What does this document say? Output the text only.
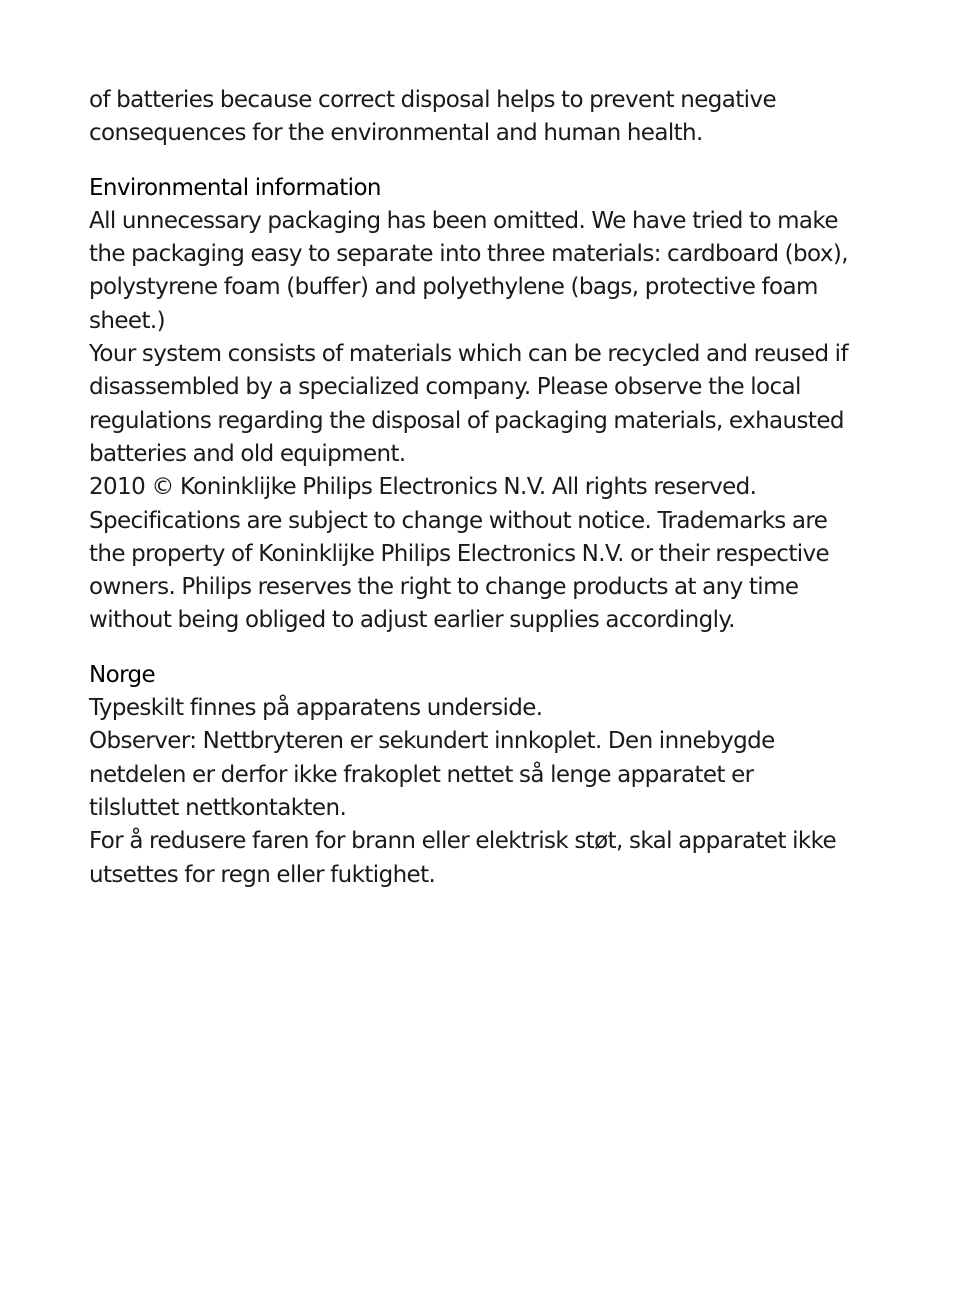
of batteries because correct disposal helps to prevent negative consequences for the environmental and human health.

Environmental information

All unnecessary packaging has been omitted. We have tried to make the packaging easy to separate into three materials: cardboard (box), polystyrene foam (buffer) and polyethylene (bags, protective foam sheet.)

Your system consists of materials which can be recycled and reused if disassembled by a specialized company. Please observe the local regulations regarding the disposal of packaging materials, exhausted batteries and old equipment.

2010 © Koninklijke Philips Electronics N.V. All rights reserved.

Specifications are subject to change without notice. Trademarks are the property of Koninklijke Philips Electronics N.V. or their respective owners. Philips reserves the right to change products at any time without being obliged to adjust earlier supplies accordingly.

Norge

Typeskilt finnes på apparatens underside.

Observer: Nettbryteren er sekundert innkoplet. Den innebygde netdelen er derfor ikke frakoplet nettet så lenge apparatet er tilsluttet nettkontakten.

For å redusere faren for brann eller elektrisk støt, skal apparatet ikke utsettes for regn eller fuktighet.
